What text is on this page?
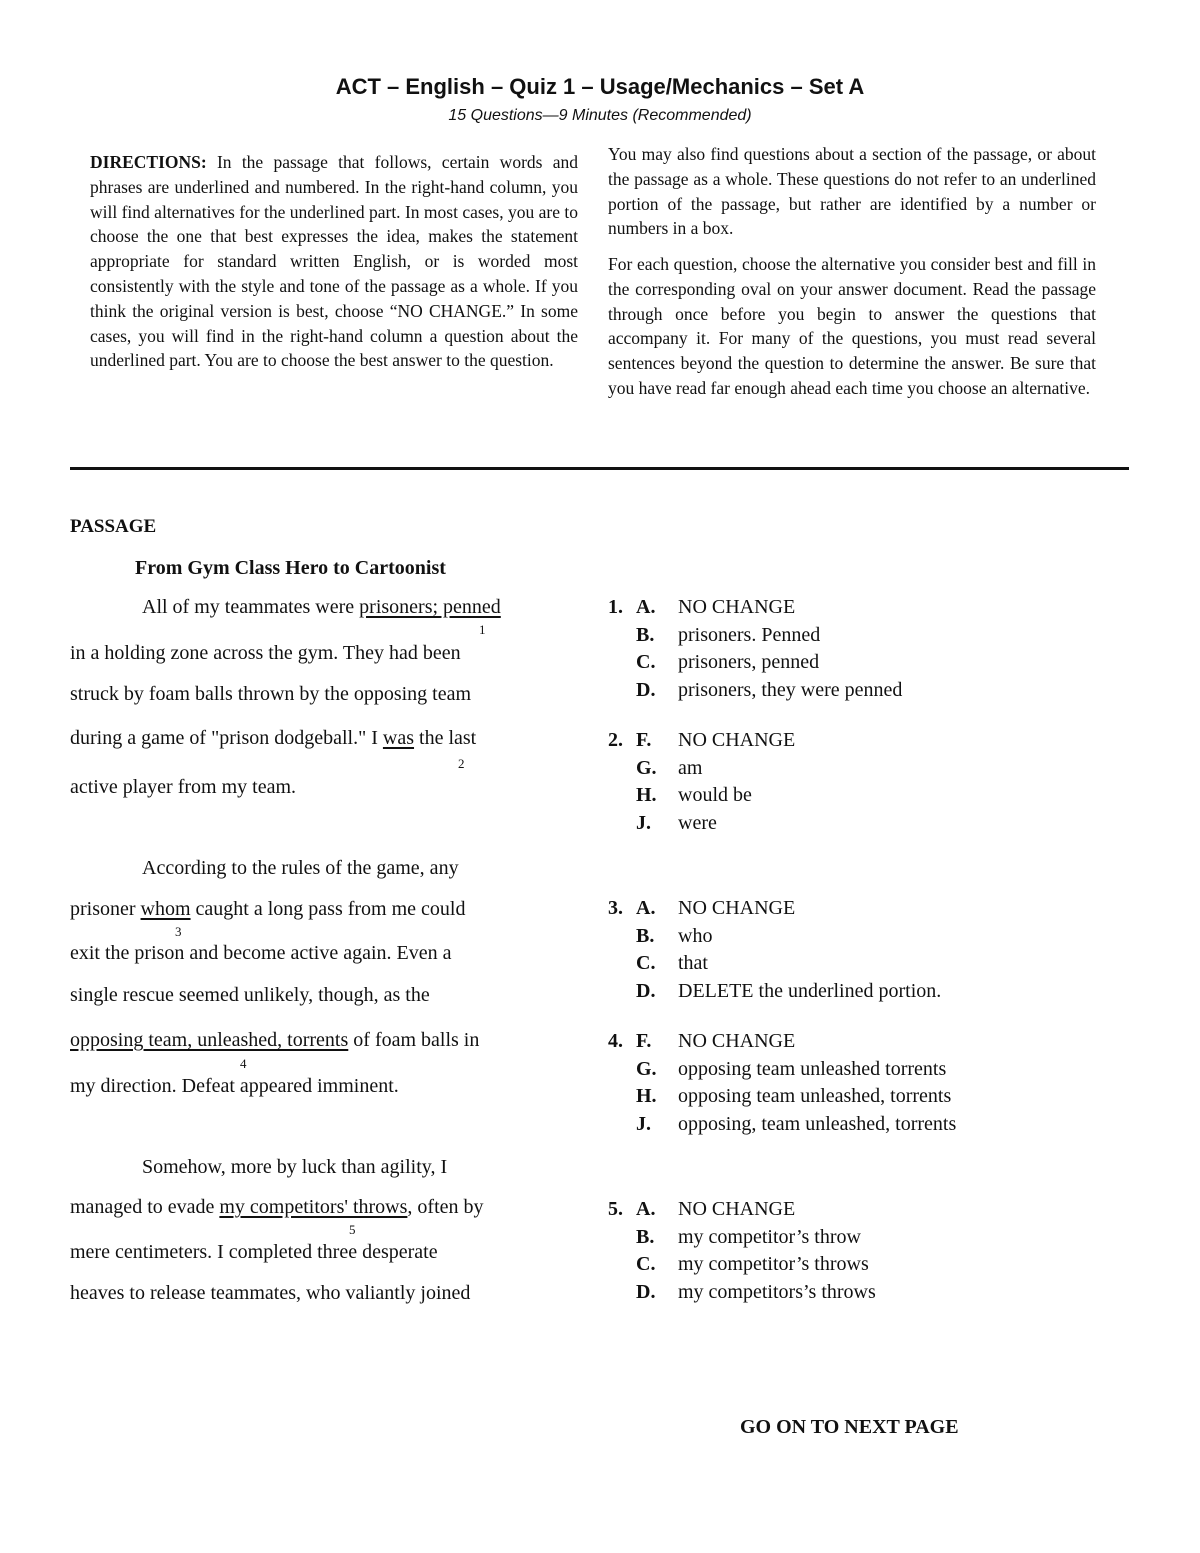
ACT – English – Quiz 1 – Usage/Mechanics – Set A
15 Questions—9 Minutes (Recommended)

DIRECTIONS: In the passage that follows, certain words and phrases are underlined and numbered. In the right-hand column, you will find alternatives for the underlined part. In most cases, you are to choose the one that best expresses the idea, makes the statement appropriate for standard written English, or is worded most consistently with the style and tone of the passage as a whole. If you think the original version is best, choose “NO CHANGE.” In some cases, you will find in the right-hand column a question about the underlined part. You are to choose the best answer to the question.

You may also find questions about a section of the passage, or about the passage as a whole. These questions do not refer to an underlined portion of the passage, but rather are identified by a number or numbers in a box.

For each question, choose the alternative you consider best and fill in the corresponding oval on your answer document. Read the passage through once before you begin to answer the questions that accompany it. For many of the questions, you must read several sentences beyond the question to determine the answer. Be sure that you have read far enough ahead each time you choose an alternative.

PASSAGE
From Gym Class Hero to Cartoonist
All of my teammates were prisoners; penned
1
in a holding zone across the gym. They had been
struck by foam balls thrown by the opposing team
during a game of "prison dodgeball." I was the last
2
active player from my team.
According to the rules of the game, any
prisoner whom caught a long pass from me could
3
exit the prison and become active again. Even a
single rescue seemed unlikely, though, as the
opposing team, unleashed, torrents of foam balls in
4
my direction. Defeat appeared imminent.
Somehow, more by luck than agility, I
managed to evade my competitors' throws, often by
5
mere centimeters. I completed three desperate
heaves to release teammates, who valiantly joined
1. A. NO CHANGE
B. prisoners. Penned
C. prisoners, penned
D. prisoners, they were penned
2. F. NO CHANGE
G. am
H. would be
J. were
3. A. NO CHANGE
B. who
C. that
D. DELETE the underlined portion.
4. F. NO CHANGE
G. opposing team unleashed torrents
H. opposing team unleashed, torrents
J. opposing, team unleashed, torrents
5. A. NO CHANGE
B. my competitor’s throw
C. my competitor’s throws
D. my competitors’s throws
GO ON TO NEXT PAGE
